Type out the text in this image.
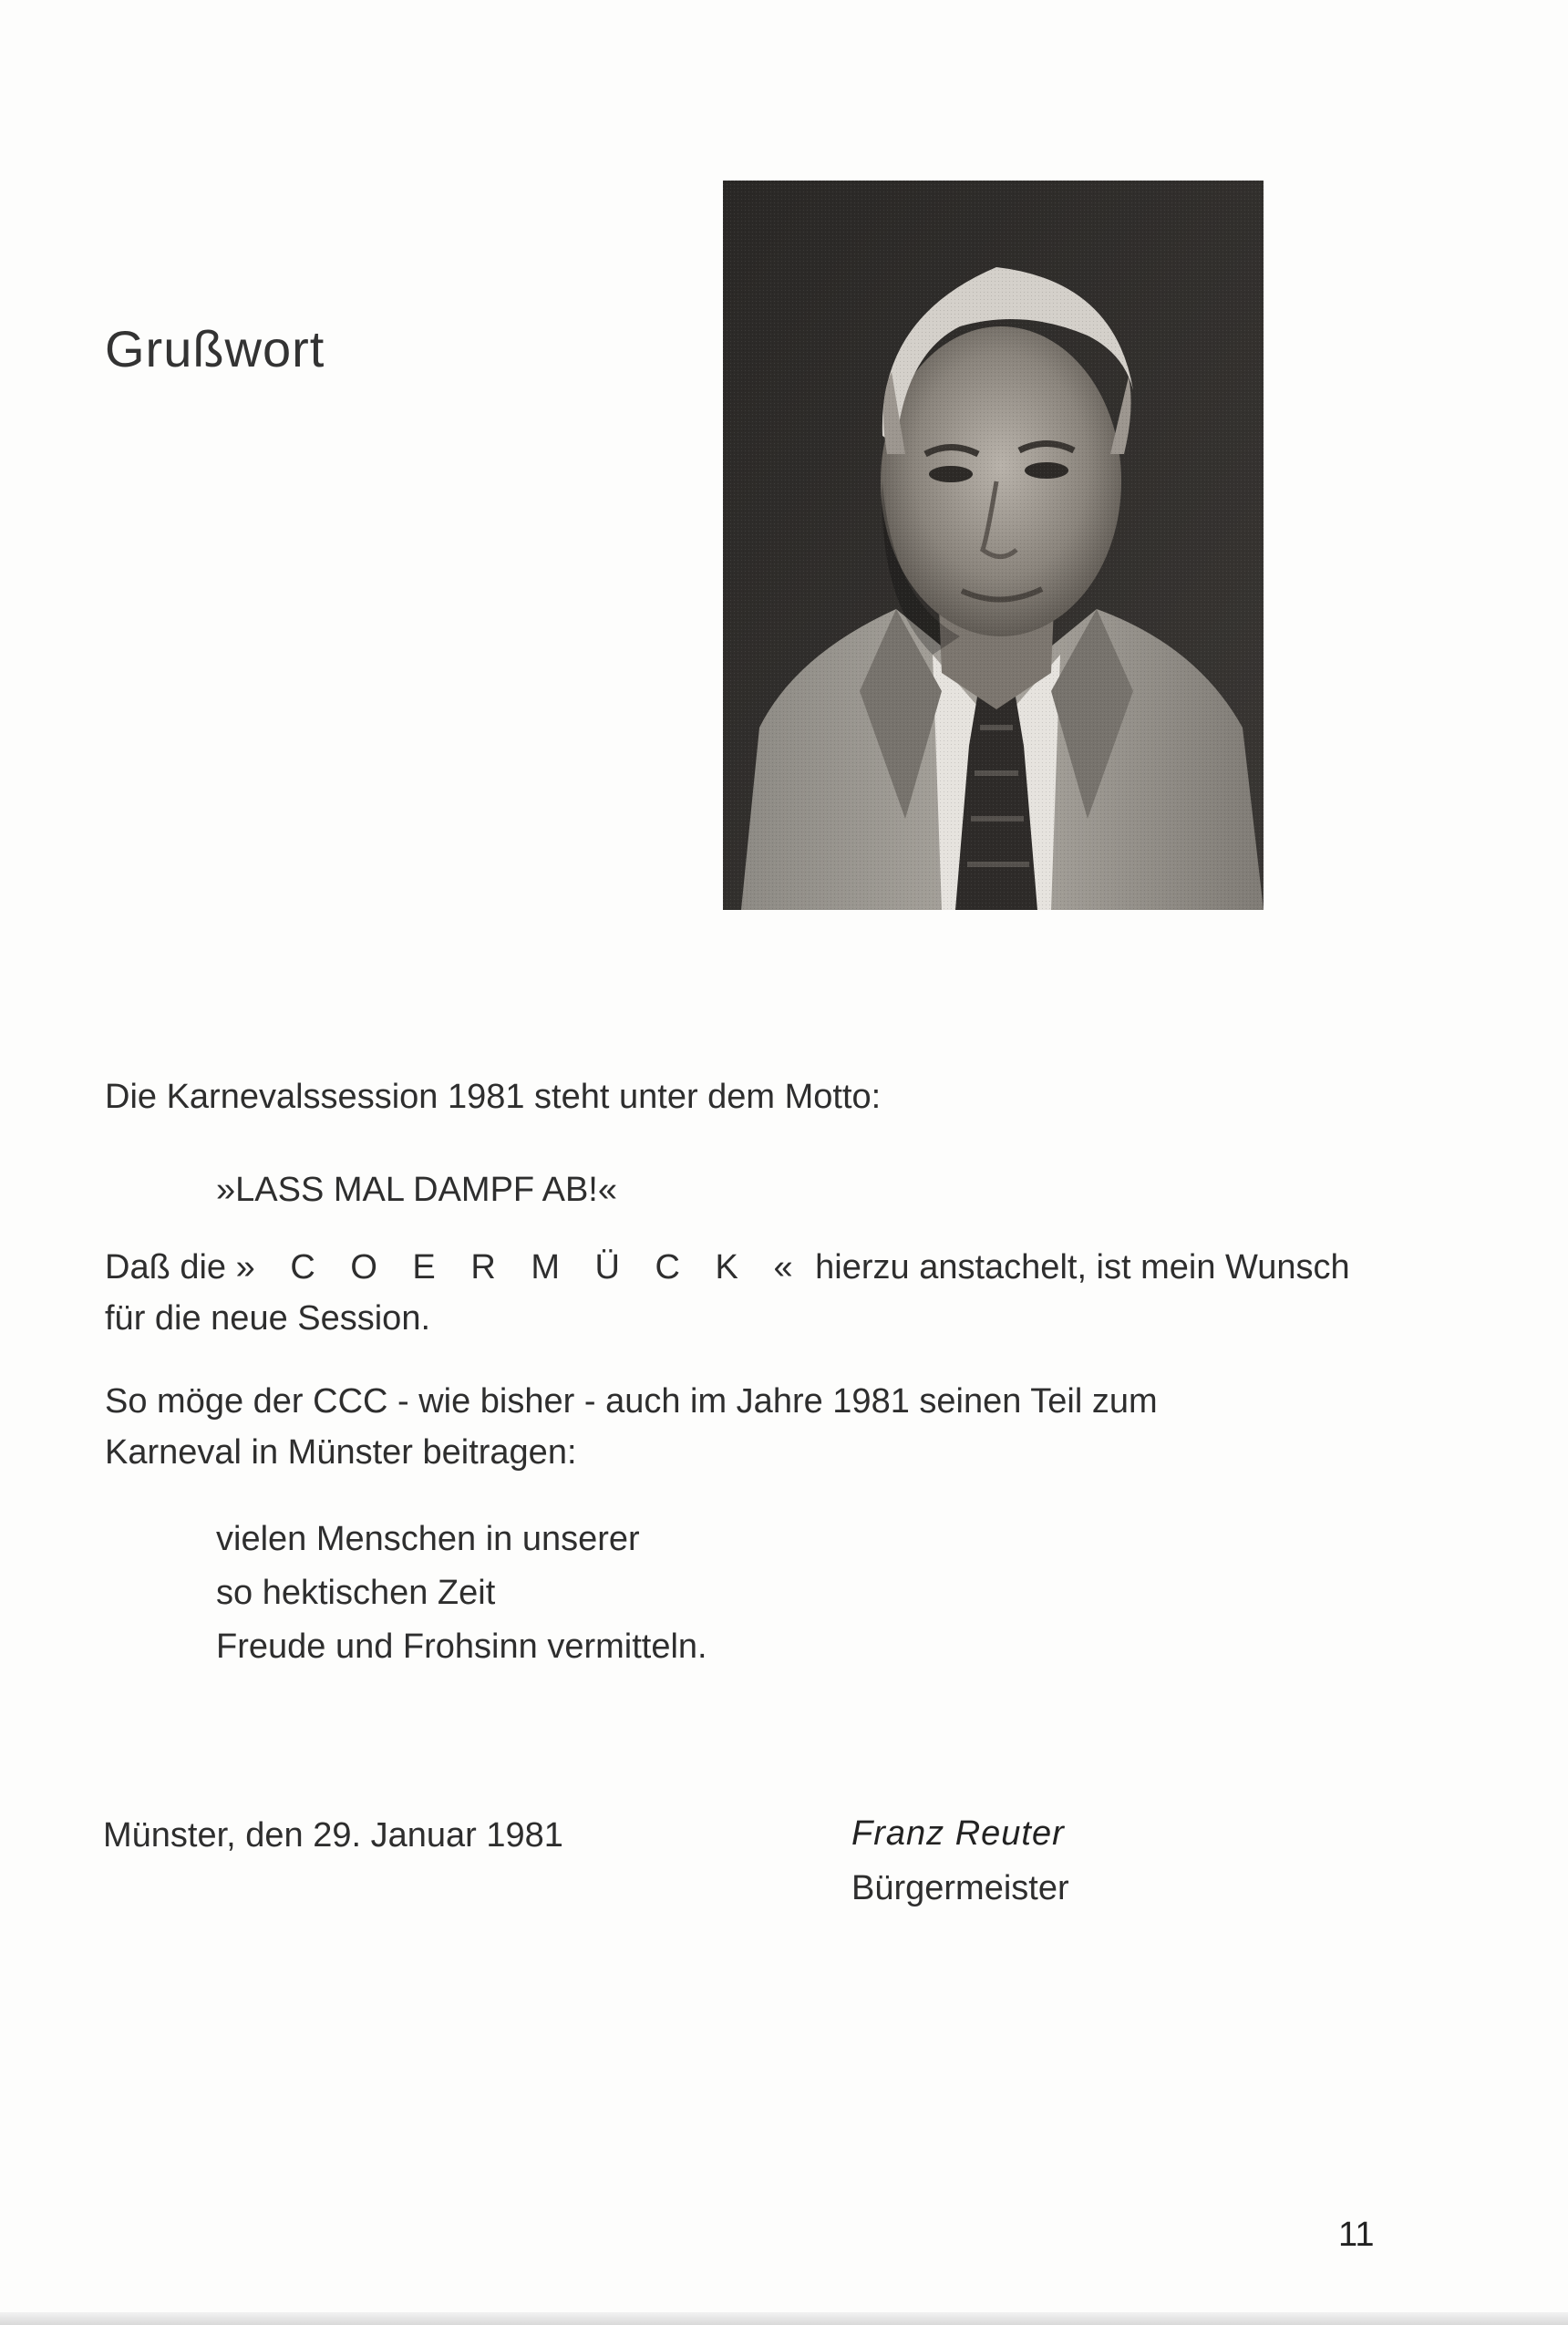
Grußwort

Die Karnevalssession 1981 steht unter dem Motto:

»LASS MAL DAMPF AB!«

Daß die » C O E R M Ü C K « hierzu anstachelt, ist mein Wunsch
für die neue Session.

So möge der CCC - wie bisher - auch im Jahre 1981 seinen Teil zum
Karneval in Münster beitragen:

vielen Menschen in unserer
so hektischen Zeit
Freude und Frohsinn vermitteln.

Münster, den 29. Januar 1981	Franz Reuter

Bürgermeister

11
